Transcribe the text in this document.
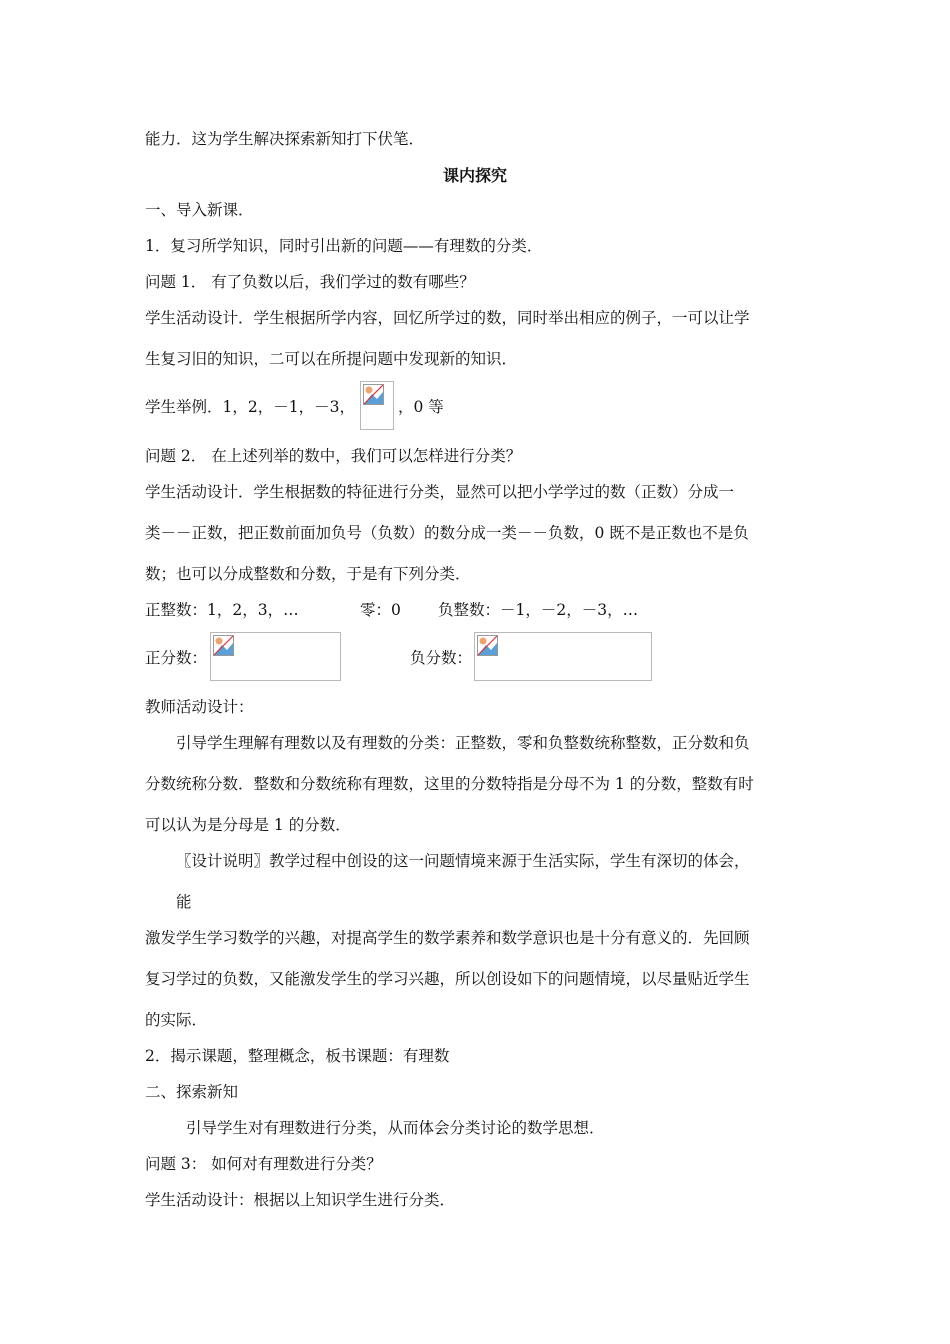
能力．这为学生解决探索新知打下伏笔．
课内探究
一、导入新课．
1．复习所学知识，同时引出新的问题——有理数的分类．
问题 1． 有了负数以后，我们学过的数有哪些？
学生活动设计．学生根据所学内容，回忆所学过的数，同时举出相应的例子，一可以让学
生复习旧的知识，二可以在所提问题中发现新的知识．
学生举例．1，2，－1，－3，	，0 等
问题 2． 在上述列举的数中，我们可以怎样进行分类？
学生活动设计．学生根据数的特征进行分类，显然可以把小学学过的数（正数）分成一
类－－正数，把正数前面加负号（负数）的数分成一类－－负数，0 既不是正数也不是负
数；也可以分成整数和分数，于是有下列分类．
正整数：1，2，3，…	零：0 负整数：－1，－2，－3，…
正分数：	负分数：
教师活动设计：
引导学生理解有理数以及有理数的分类：正整数，零和负整数统称整数，正分数和负
分数统称分数．整数和分数统称有理数，这里的分数特指是分母不为 1 的分数，整数有时
可以认为是分母是 1 的分数．
〖设计说明〗教学过程中创设的这一问题情境来源于生活实际，学生有深切的体会，
能
激发学生学习数学的兴趣，对提高学生的数学素养和数学意识也是十分有意义的．先回顾
复习学过的负数，又能激发学生的学习兴趣，所以创设如下的问题情境，以尽量贴近学生
的实际．
2．揭示课题，整理概念，板书课题：有理数
二、探索新知
引导学生对有理数进行分类，从而体会分类讨论的数学思想．
问题 3： 如何对有理数进行分类？
学生活动设计：根据以上知识学生进行分类．
